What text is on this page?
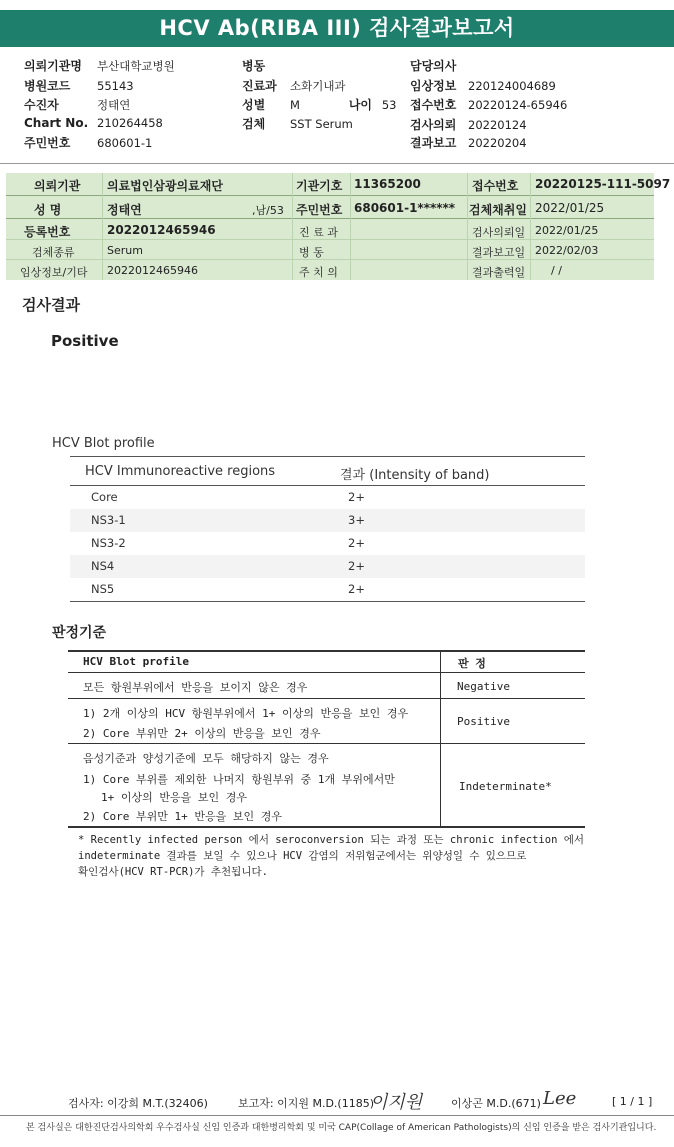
HCV Ab(RIBA III) 검사결과보고서
의뢰기관명 부산대학교병원
병원코드 55143
수진자	정태연
Chart No. 210264458
주민번호 680601-1
병동
진료과 소화기내과
성별 M	나이 53
검체 SST Serum
담당의사
임상정보 220124004689
접수번호 20220124-65946
검사의뢰 20220124
결과보고 20220204
의뢰기관 의료법인삼광의료재단	기관기호 11365200	접수번호 20220125-111-5097
성 명	정태연	,남/53 주민번호 680601-1****** 검체채취일 2022/01/25
등록번호	2022012465946	진 료 과	검사의뢰일 2022/01/25
검체종류	Serum	병 동	결과보고일 2022/02/03
임상정보/기타 2022012465946	주 치 의	결과출력일 / /
검사결과
Positive
HCV Blot profile
HCV Immunoreactive regions	결과 (Intensity of band)
Core	2+
NS3-1	3+
NS3-2	2+
NS4	2+
NS5	2+
판정기준
HCV Blot profile	판 정
모든 항원부위에서 반응을 보이지 않은 경우	Negative
1) 2개 이상의 HCV 항원부위에서 1+ 이상의 반응을 보인 경우
2) Core 부위만 2+ 이상의 반응을 보인 경우
Positive
음성기준과 양성기준에 모두 해당하지 않는 경우
1) Core 부위를 제외한 나머지 항원부위 중 1개 부위에서만
1+ 이상의 반응을 보인 경우
2) Core 부위만 1+ 반응을 보인 경우
Indeterminate*
* Recently infected person 에서 seroconversion 되는 과정 또는 chronic infection 에서
indeterminate 결과를 보일 수 있으나 HCV 감염의 저위험군에서는 위양성일 수 있으므로
확인검사(HCV RT-PCR)가 추천됩니다.
검사자: 이강희 M.T.(32406)	보고자: 이지원 M.D.(1185)
이지원	이상곤 M.D.(671) Lee	[ 1 / 1 ]
본 검사실은 대한진단검사의학회 우수검사실 신임 인증과 대한병리학회 및 미국 CAP(Collage of American Pathologists)의 신임 인증을 받은 검사기관입니다.
